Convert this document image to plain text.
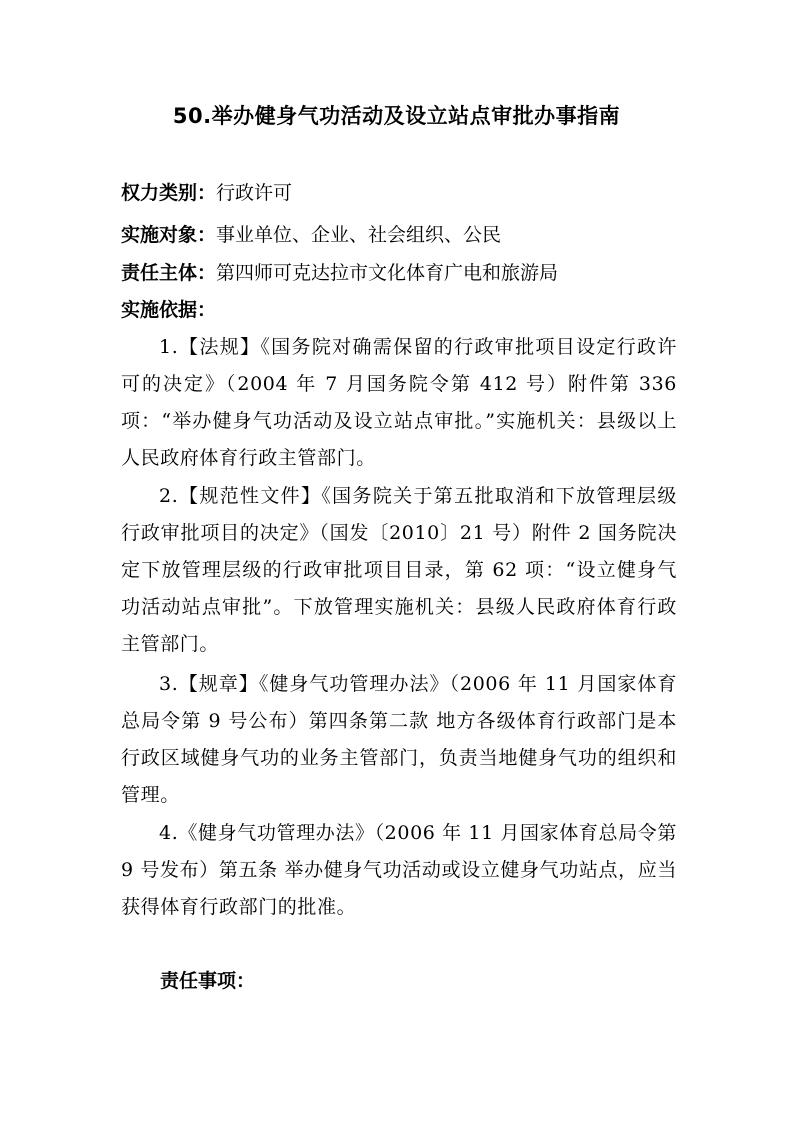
50.举办健身气功活动及设立站点审批办事指南
权力类别：行政许可
实施对象：事业单位、企业、社会组织、公民
责任主体：第四师可克达拉市文化体育广电和旅游局
实施依据：

1.【法规】《国务院对确需保留的行政审批项目设定行政许可的决定》（2004 年 7 月国务院令第 412 号）附件第 336 项：“举办健身气功活动及设立站点审批。”实施机关：县级以上人民政府体育行政主管部门。

2.【规范性文件】《国务院关于第五批取消和下放管理层级行政审批项目的决定》（国发〔2010〕21 号）附件 2 国务院决定下放管理层级的行政审批项目目录，第 62 项：“设立健身气功活动站点审批”。下放管理实施机关：县级人民政府体育行政主管部门。

3.【规章】《健身气功管理办法》（2006 年 11 月国家体育总局令第 9 号公布）第四条第二款 地方各级体育行政部门是本行政区域健身气功的业务主管部门，负责当地健身气功的组织和管理。

4.《健身气功管理办法》（2006 年 11 月国家体育总局令第 9 号发布）第五条 举办健身气功活动或设立健身气功站点，应当获得体育行政部门的批准。

责任事项：
